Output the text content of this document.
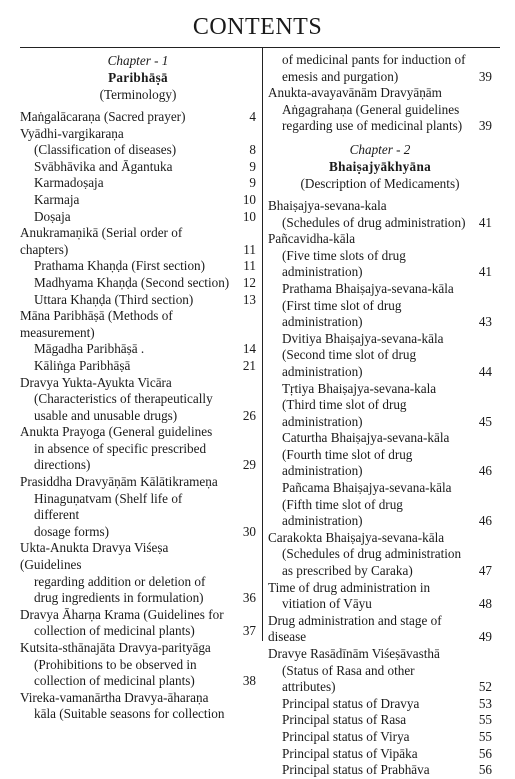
CONTENTS
Chapter - 1
Paribhāṣā
(Terminology)
Maṅgalācaraṇa (Sacred prayer)	4
Vyādhi-vargikaraṇa
(Classification of diseases)	8
Svābhāvika and Āgantuka	9
Karmadoṣaja	9
Karmaja	10
Doṣaja	10
Anukramaṇikā (Serial order of chapters)	11
Prathama Khaṇḍa (First section)	11
Madhyama Khaṇḍa (Second section)	12
Uttara Khaṇḍa (Third section)	13
Māna Paribhāṣā (Methods of measurement)
Māgadha Paribhāṣā .	14
Kāliṅga Paribhāṣā	21
Dravya Yukta-Ayukta Vicāra
(Characteristics of therapeutically
usable and unusable drugs)	26
Anukta Prayoga (General guidelines
in absence of specific prescribed
directions)	29
Prasiddha Dravyāṇām Kālātikrameṇa
Hinaguṇatvam (Shelf life of different
dosage forms)	30
Ukta-Anukta Dravya Viśeṣa (Guidelines
regarding addition or deletion of
drug ingredients in formulation)	36
Dravya Āharṇa Krama (Guidelines for
collection of medicinal plants)	37
Kutsita-sthānajāta Dravya-parityāga
(Prohibitions to be observed in
collection of medicinal plants)	38
Vireka-vamanārtha Dravya-āharaṇa
kāla (Suitable seasons for collection
of medicinal pants for induction of
emesis and purgation)	39
Anukta-avayavānām Dravyāṇām
Aṅgagrahaṇa (General guidelines
regarding use of medicinal plants)	39
Chapter - 2
Bhaiṣajyākhyāna
(Description of Medicaments)
Bhaiṣajya-sevana-kala
(Schedules of drug administration)	41
Pañcavidha-kāla
(Five time slots of drug administration)	41
Prathama Bhaiṣajya-sevana-kāla
(First time slot of drug administration)	43
Dvitiya Bhaiṣajya-sevana-kāla
(Second time slot of drug administration)	44
Tṛtiya Bhaiṣajya-sevana-kala
(Third time slot of drug administration)	45
Caturtha Bhaiṣajya-sevana-kāla
(Fourth time slot of drug administration)	46
Pañcama Bhaiṣajya-sevana-kāla
(Fifth time slot of drug administration)	46
Carakokta Bhaiṣajya-sevana-kāla
(Schedules of drug administration
as prescribed by Caraka)	47
Time of drug administration in
vitiation of Vāyu	48
Drug administration and stage of disease	49
Dravye Rasādīnām Viśeṣāvasthā
(Status of Rasa and other attributes)	52
Principal status of Dravya	53
Principal status of Rasa	55
Principal status of Virya	55
Principal status of Vipāka	56
Principal status of Prabhāva	56
